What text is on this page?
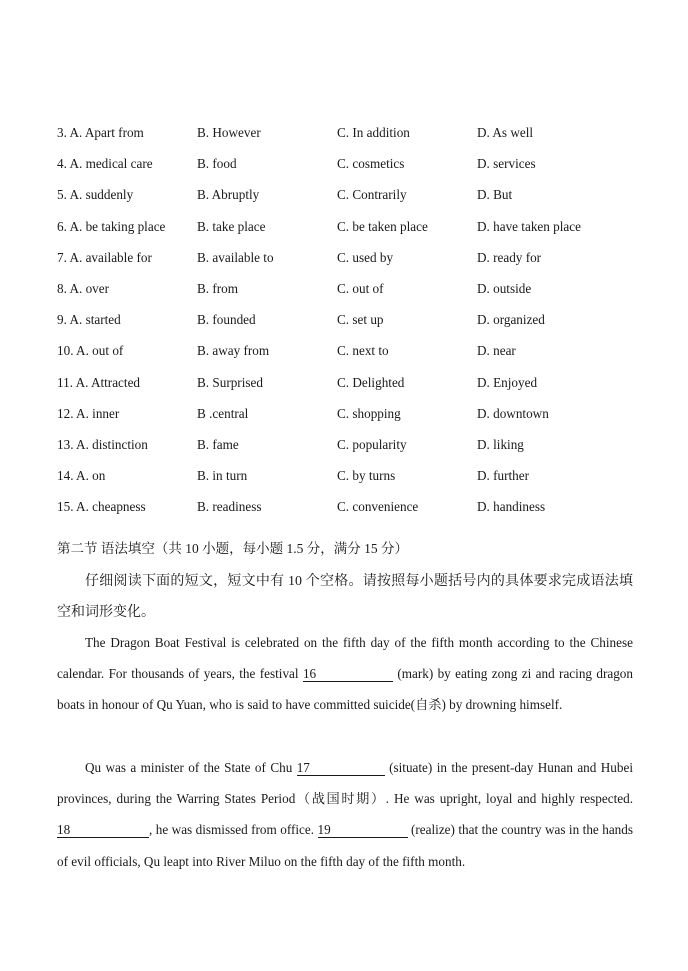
3. A. Apart from	B. However	C. In addition	D. As well
4. A. medical care	B. food	C. cosmetics	D. services
5. A. suddenly	B. Abruptly	C. Contrarily	D. But
6. A. be taking place B. take place	C. be taken place	D. have taken place
7. A. available for	B. available to	C. used by	D. ready for
8. A. over	B. from	C. out of	D. outside
9. A. started	B. founded	C. set up	D. organized
10. A. out of	B. away from	C. next to	D. near
11. A. Attracted	B. Surprised	C. Delighted	D. Enjoyed
12. A. inner	B .central	C. shopping	D. downtown
13. A. distinction	B. fame	C. popularity	D. liking
14. A. on	B. in turn	C. by turns	D. further
15. A. cheapness	B. readiness	C. convenience	D. handiness
第二节 语法填空（共 10 小题，每小题 1.5 分，满分 15 分）
仔细阅读下面的短文，短文中有 10 个空格。请按照每小题括号内的具体要求完成语法填空和词形变化。
The Dragon Boat Festival is celebrated on the fifth day of the fifth month according to the Chinese calendar. For thousands of years, the festival 16	(mark) by eating zong zi and racing dragon boats in honour of Qu Yuan, who is said to have committed suicide(自杀) by drowning himself.
Qu was a minister of the State of Chu 17	(situate) in the present-day Hunan and Hubei provinces, during the Warring States Period（战国时期）. He was upright, loyal and highly respected. 18	, he was dismissed from office. 19	(realize) that the country was in the hands of evil officials, Qu leapt into River Miluo on the fifth day of the fifth month.
